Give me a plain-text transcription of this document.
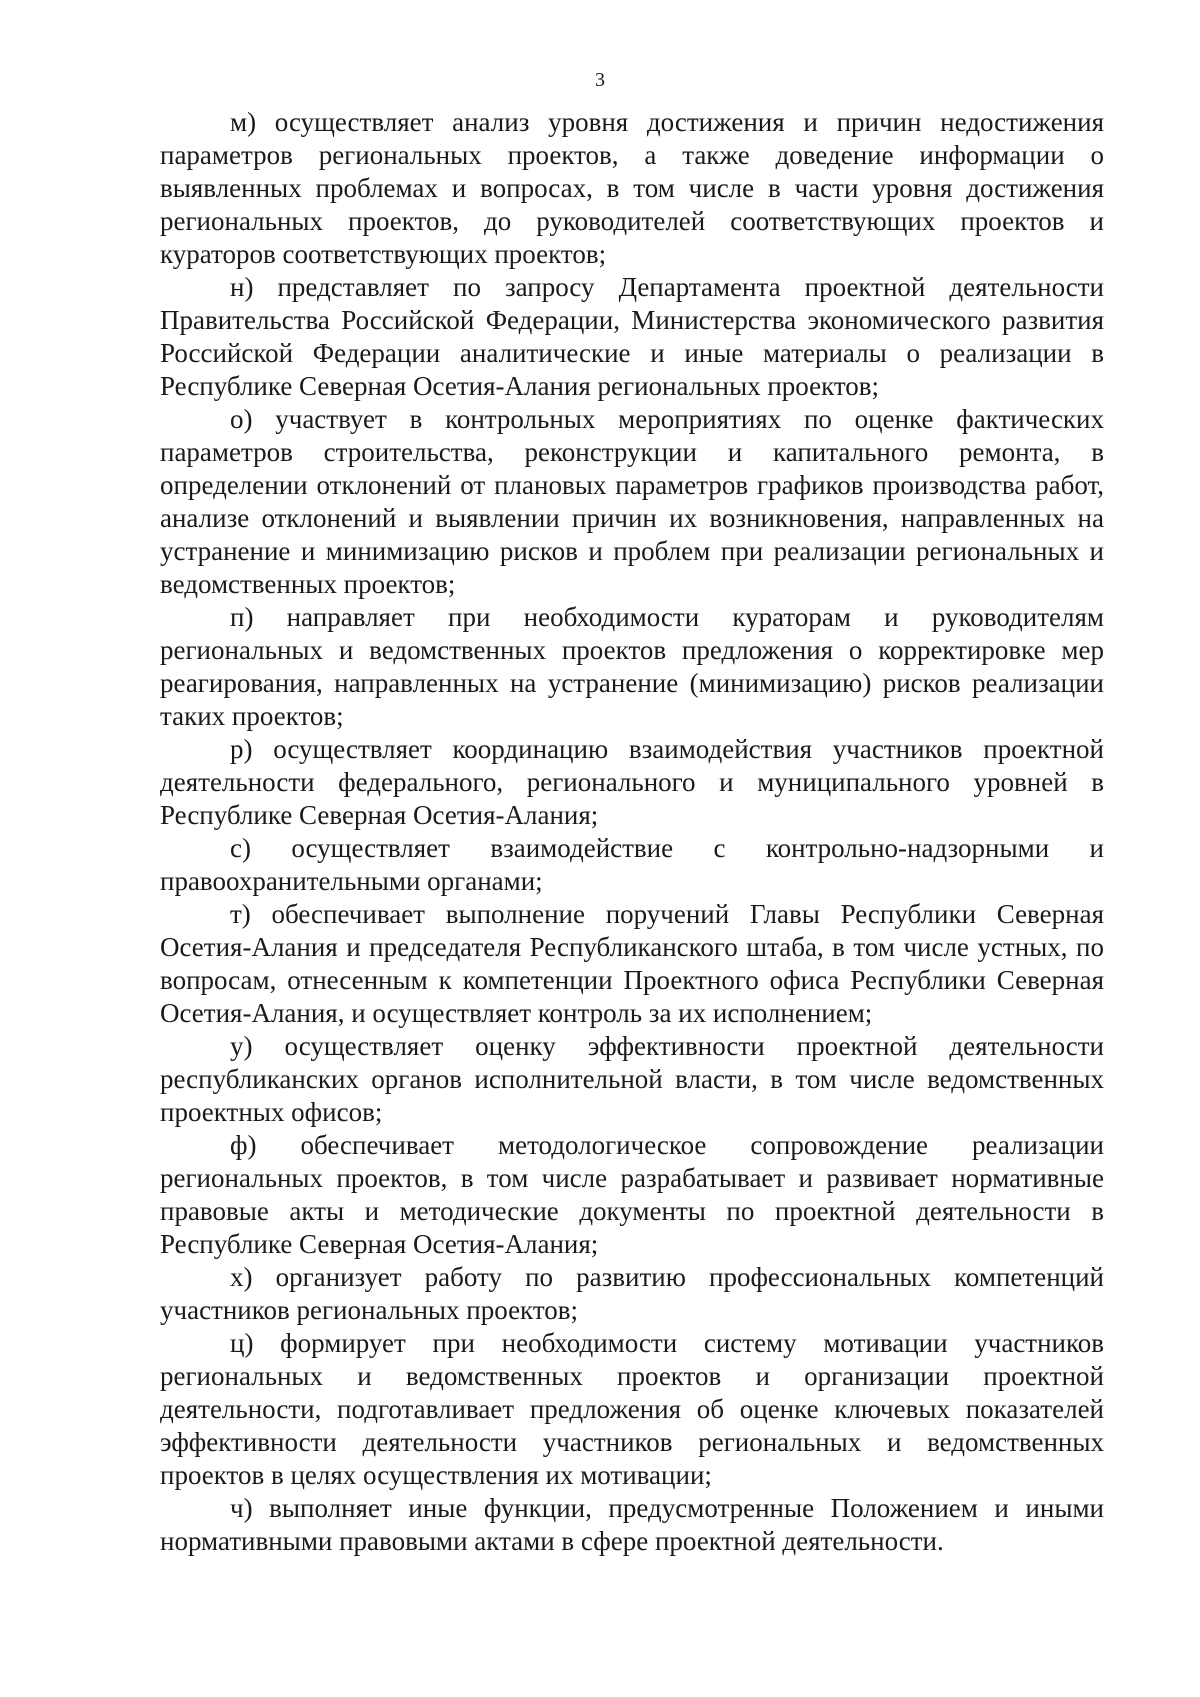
3

м) осуществляет анализ уровня достижения и причин недостижения параметров региональных проектов, а также доведение информации о выявленных проблемах и вопросах, в том числе в части уровня достижения региональных проектов, до руководителей соответствующих проектов и кураторов соответствующих проектов;

н) представляет по запросу Департамента проектной деятельности Правительства Российской Федерации, Министерства экономического развития Российской Федерации аналитические и иные материалы о реализации в Республике Северная Осетия-Алания региональных проектов;

о) участвует в контрольных мероприятиях по оценке фактических параметров строительства, реконструкции и капитального ремонта, в определении отклонений от плановых параметров графиков производства работ, анализе отклонений и выявлении причин их возникновения, направленных на устранение и минимизацию рисков и проблем при реализации региональных и ведомственных проектов;

п) направляет при необходимости кураторам и руководителям региональных и ведомственных проектов предложения о корректировке мер реагирования, направленных на устранение (минимизацию) рисков реализации таких проектов;

р) осуществляет координацию взаимодействия участников проектной деятельности федерального, регионального и муниципального уровней в Республике Северная Осетия-Алания;

с) осуществляет взаимодействие с контрольно-надзорными и правоохранительными органами;

т) обеспечивает выполнение поручений Главы Республики Северная Осетия-Алания и председателя Республиканского штаба, в том числе устных, по вопросам, отнесенным к компетенции Проектного офиса Республики Северная Осетия-Алания, и осуществляет контроль за их исполнением;

у) осуществляет оценку эффективности проектной деятельности республиканских органов исполнительной власти, в том числе ведомственных проектных офисов;

ф) обеспечивает методологическое сопровождение реализации региональных проектов, в том числе разрабатывает и развивает нормативные правовые акты и методические документы по проектной деятельности в Республике Северная Осетия-Алания;

х) организует работу по развитию профессиональных компетенций участников региональных проектов;

ц) формирует при необходимости систему мотивации участников региональных и ведомственных проектов и организации проектной деятельности, подготавливает предложения об оценке ключевых показателей эффективности деятельности участников региональных и ведомственных проектов в целях осуществления их мотивации;

ч) выполняет иные функции, предусмотренные Положением и иными нормативными правовыми актами в сфере проектной деятельности.
